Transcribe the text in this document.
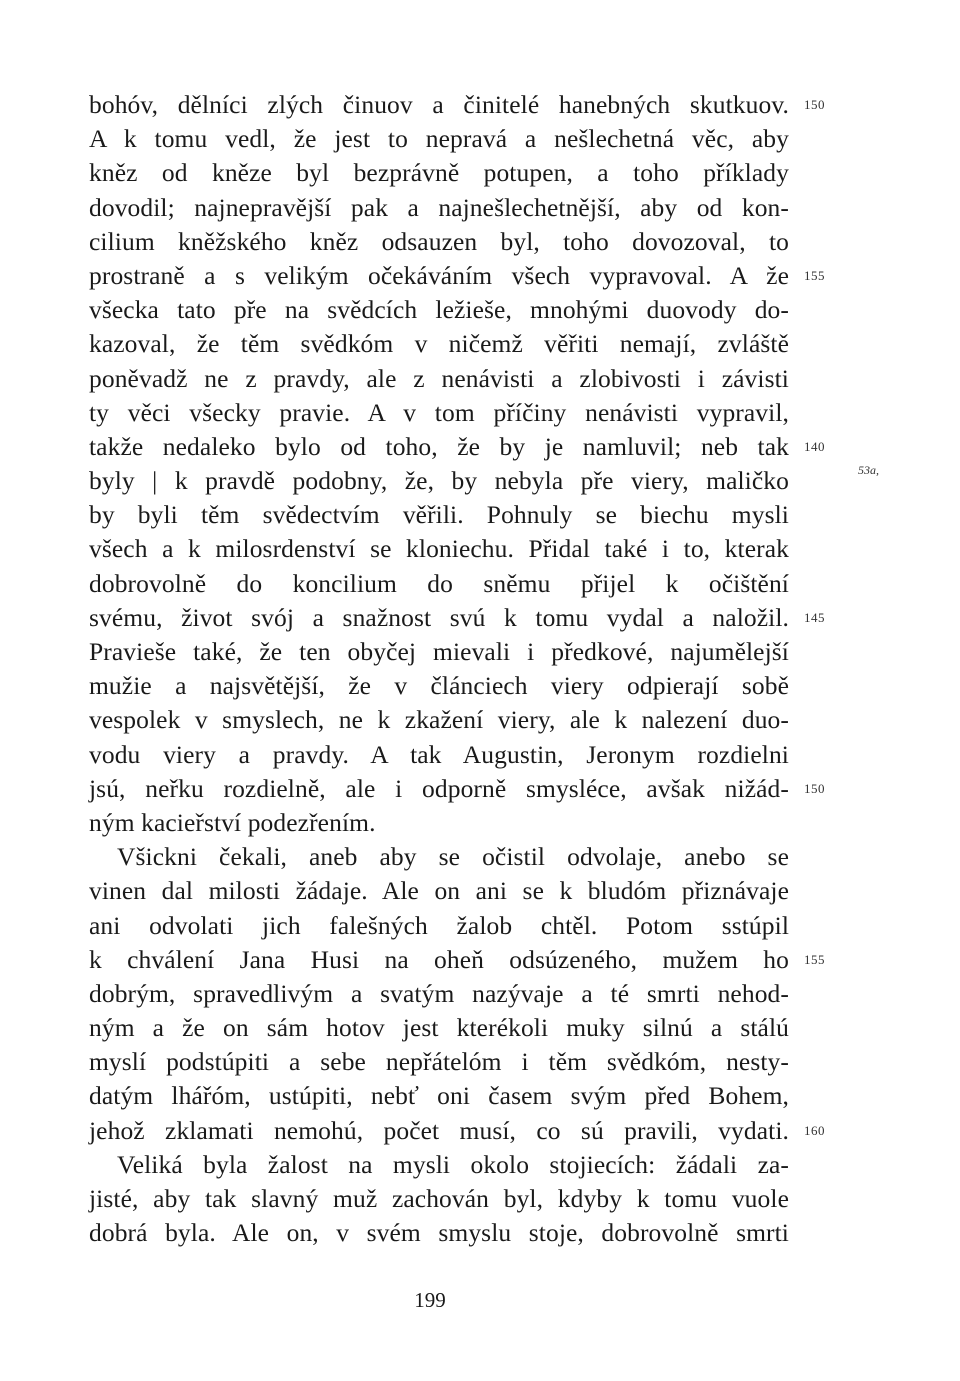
bohóv, dělníci zlých činuov a činitelé hanebných skutkuov. 150
A k tomu vedl, že jest to nepravá a nešlechetná věc, aby
kněz od kněze byl bezprávně potupen, a toho příklady
dovodil; najnepravější pak a najnešlechetnější, aby od kon-
cilium kněžského kněz odsauzen byl, toho dovozoval, to
prostraně a s velikým očekáváním všech vypravoval. A že 155
všecka tato pře na svědcích ležieše, mnohými duovody do-
kazoval, že těm svědkóm v ničemž věřiti nemají, zvláště
poněvadž ne z pravdy, ale z nenávisti a zlobivosti i závisti
ty věci všecky pravie. A v tom příčiny nenávisti vypravil,
takže nedaleko bylo od toho, že by je namluvil; neb tak 140
byly | k pravdě podobny, že, by nebyla pře viery, maličko
by byli těm svědectvím věřili. Pohnuly se biechu mysli
všech a k milosrdenství se kloniechu. Přidal také i to, kterak
dobrovolně do koncilium do sněmu přijel k očištění
svému, život svój a snažnost svú k tomu vydal a naložil. 145
Pravieše také, že ten obyčej mievali i předkové, najumělejší
mužie a najsvětější, že v článciech viery odpierají sobě
vespolek v smyslech, ne k zkažení viery, ale k nalezení duo-
vodu viery a pravdy. A tak Augustin, Jeronym rozdielni
jsú, neřku rozdielně, ale i odporně smysléce, avšak nižád- 150
ným kacieřství podezřením.
Všickni čekali, aneb aby se očistil odvolaje, anebo se
vinen dal milosti žádaje. Ale on ani se k bludóm přiznávaje
ani odvolati jich falešných žalob chtěl. Potom sstúpil
k chválení Jana Husi na oheň odsúzeného, mužem ho 155
dobrým, spravedlivým a svatým nazývaje a té smrti nehod-
ným a že on sám hotov jest kterékoli muky silnú a stálú
myslí podstúpiti a sebe nepřátelóm i těm svědkóm, nesty-
datým lhářóm, ustúpiti, nebť oni časem svým před Bohem,
jehož zklamati nemohú, počet musí, co sú pravili, vydati. 160
Veliká byla žalost na mysli okolo stojiecích: žádali za-
jisté, aby tak slavný muž zachován byl, kdyby k tomu vuole
dobrá byla. Ale on, v svém smyslu stoje, dobrovolně smrti
53a,
199
